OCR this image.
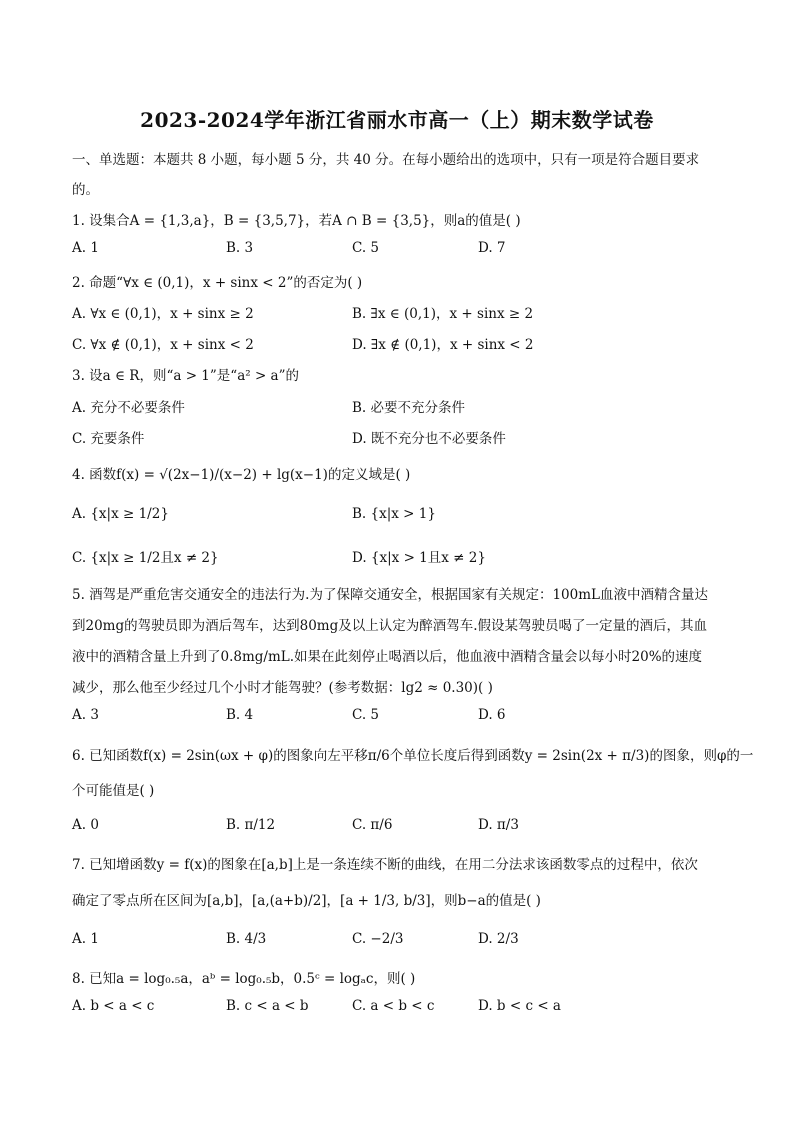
2023-2024学年浙江省丽水市高一（上）期末数学试卷
一、单选题：本题共 8 小题，每小题 5 分，共 40 分。在每小题给出的选项中，只有一项是符合题目要求
的。
1. 设集合A = {1,3,a}，B = {3,5,7}，若A ∩ B = {3,5}，则a的值是( )
A. 1	B. 3	C. 5	D. 7
2. 命题“∀x ∈ (0,1)，x + sinx < 2”的否定为( )
A. ∀x ∈ (0,1)，x + sinx ≥ 2	B. ∃x ∈ (0,1)，x + sinx ≥ 2
C. ∀x ∉ (0,1)，x + sinx < 2	D. ∃x ∉ (0,1)，x + sinx < 2
3. 设a ∈ R，则“a > 1”是“a² > a”的
A. 充分不必要条件	B. 必要不充分条件
C. 充要条件	D. 既不充分也不必要条件
4. 函数f(x) = √(2x−1)/(x−2) + lg(x−1)的定义域是( )
A. {x|x ≥ 1/2}	B. {x|x > 1}
C. {x|x ≥ 1/2且x ≠ 2}	D. {x|x > 1且x ≠ 2}
5. 酒驾是严重危害交通安全的违法行为.为了保障交通安全，根据国家有关规定：100mL血液中酒精含量达
到20mg的驾驶员即为酒后驾车，达到80mg及以上认定为醉酒驾车.假设某驾驶员喝了一定量的酒后，其血
液中的酒精含量上升到了0.8mg/mL.如果在此刻停止喝酒以后，他血液中酒精含量会以每小时20%的速度
减少，那么他至少经过几个小时才能驾驶？(参考数据：lg2 ≈ 0.30)( )
A. 3	B. 4	C. 5	D. 6
6. 已知函数f(x) = 2sin(ωx + φ)的图象向左平移π/6个单位长度后得到函数y = 2sin(2x + π/3)的图象，则φ的一
个可能值是( )
A. 0	B. π/12	C. π/6	D. π/3
7. 已知增函数y = f(x)的图象在[a,b]上是一条连续不断的曲线，在用二分法求该函数零点的过程中，依次
确定了零点所在区间为[a,b]，[a,(a+b)/2]，[a + 1/3, b/3]，则b−a的值是( )
A. 1	B. 4/3	C. −2/3	D. 2/3
8. 已知a = log₀.₅a，aᵇ = log₀.₅b，0.5ᶜ = logₐc，则( )
A. b < a < c	B. c < a < b	C. a < b < c	D. b < c < a
